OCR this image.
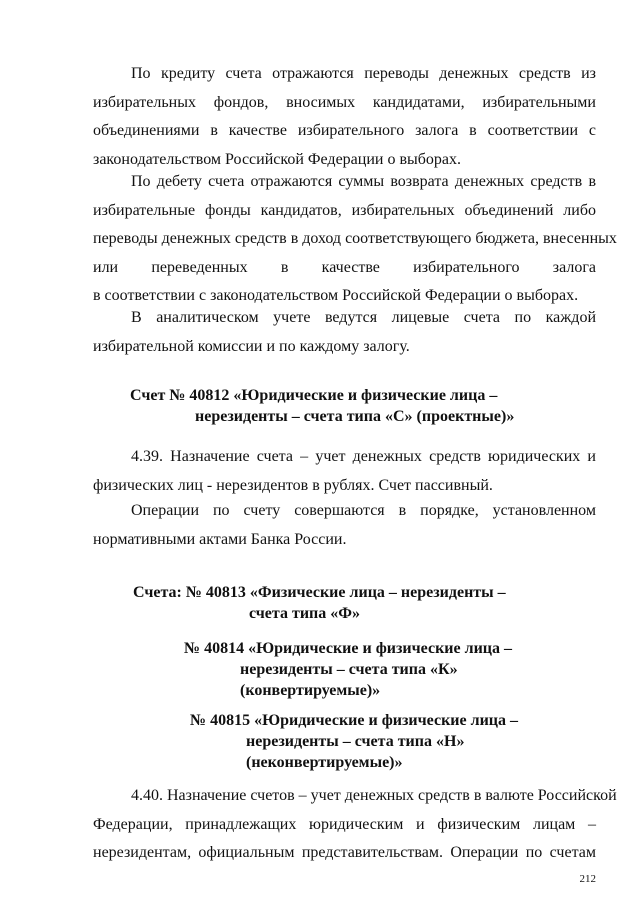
По кредиту счета отражаются переводы денежных средств из
избирательных фондов, вносимых кандидатами, избирательными
объединениями в качестве избирательного залога в соответствии с
законодательством Российской Федерации о выборах.

По дебету счета отражаются суммы возврата денежных средств в
избирательные фонды кандидатов, избирательных объединений либо
переводы денежных средств в доход соответствующего бюджета, внесенных
или переведенных в качестве избирательного залога
в соответствии с законодательством Российской Федерации о выборах.

В аналитическом учете ведутся лицевые счета по каждой
избирательной комиссии и по каждому залогу.

Счет № 40812 «Юридические и физические лица –
нерезиденты – счета типа «С» (проектные)»

4.39. Назначение счета – учет денежных средств юридических и
физических лиц - нерезидентов в рублях. Счет пассивный.

Операции по счету совершаются в порядке, установленном
нормативными актами Банка России.

Счета: № 40813 «Физические лица – нерезиденты –
счета типа «Ф»
№ 40814 «Юридические и физические лица –
нерезиденты – счета типа «К»
(конвертируемые)»
№ 40815 «Юридические и физические лица –
нерезиденты – счета типа «Н»
(неконвертируемые)»

4.40. Назначение счетов – учет денежных средств в валюте Российской
Федерации, принадлежащих юридическим и физическим лицам –
нерезидентам, официальным представительствам. Операции по счетам

212
